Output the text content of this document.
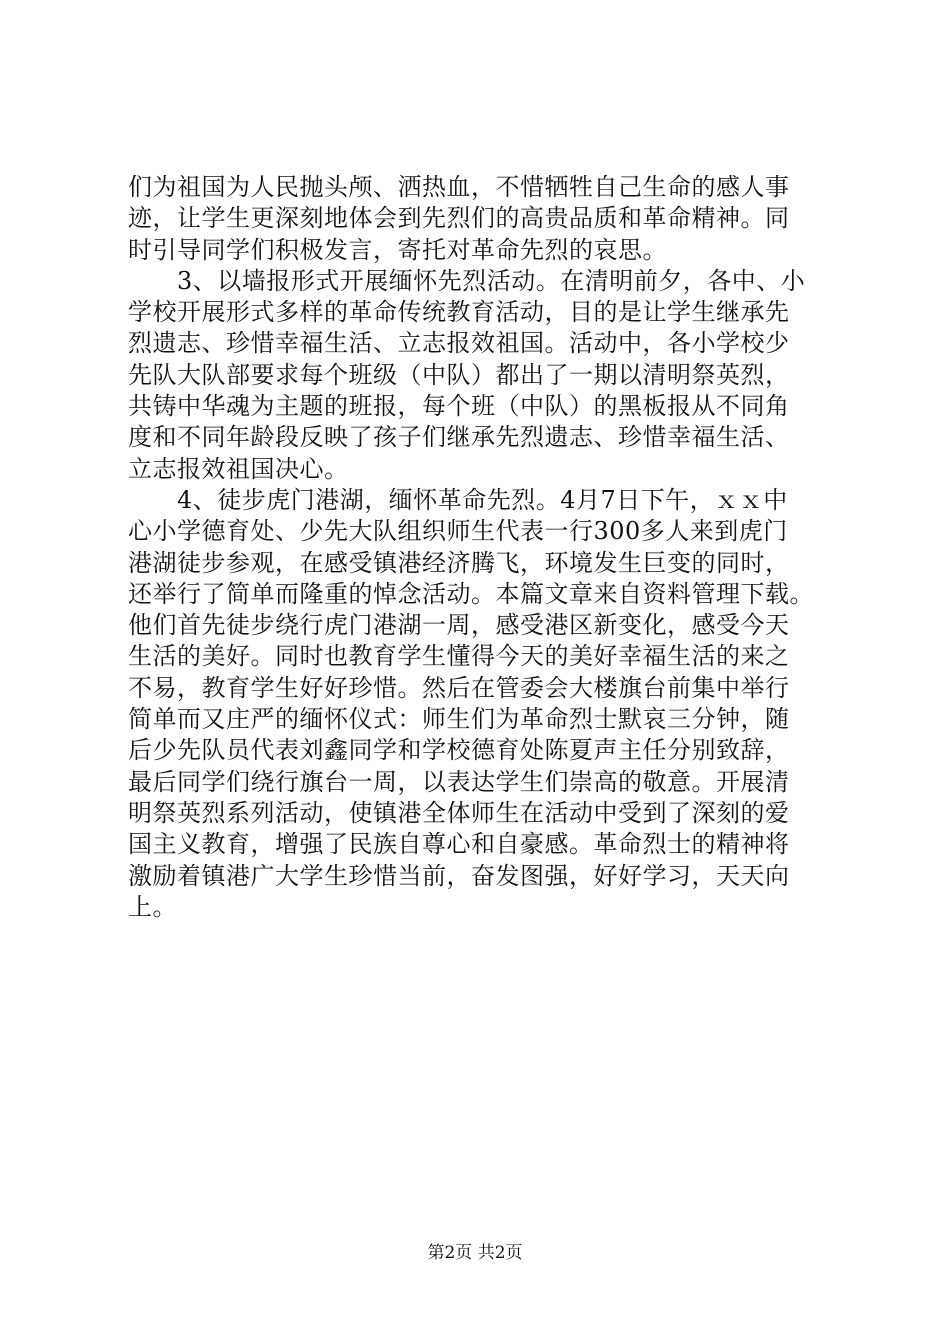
们为祖国为人民抛头颅、洒热血，不惜牺牲自己生命的感人事
迹，让学生更深刻地体会到先烈们的高贵品质和革命精神。同
时引导同学们积极发言，寄托对革命先烈的哀思。
　　3、以墙报形式开展缅怀先烈活动。在清明前夕，各中、小
学校开展形式多样的革命传统教育活动，目的是让学生继承先
烈遗志、珍惜幸福生活、立志报效祖国。活动中，各小学校少
先队大队部要求每个班级（中队）都出了一期以清明祭英烈，
共铸中华魂为主题的班报，每个班（中队）的黑板报从不同角
度和不同年龄段反映了孩子们继承先烈遗志、珍惜幸福生活、
立志报效祖国决心。
　　4、徒步虎门港湖，缅怀革命先烈。4月7日下午，ｘｘ中
心小学德育处、少先大队组织师生代表一行300多人来到虎门
港湖徒步参观，在感受镇港经济腾飞，环境发生巨变的同时，
还举行了简单而隆重的悼念活动。本篇文章来自资料管理下载。
他们首先徒步绕行虎门港湖一周，感受港区新变化，感受今天
生活的美好。同时也教育学生懂得今天的美好幸福生活的来之
不易，教育学生好好珍惜。然后在管委会大楼旗台前集中举行
简单而又庄严的缅怀仪式：师生们为革命烈士默哀三分钟，随
后少先队员代表刘鑫同学和学校德育处陈夏声主任分别致辞，
最后同学们绕行旗台一周，以表达学生们崇高的敬意。开展清
明祭英烈系列活动，使镇港全体师生在活动中受到了深刻的爱
国主义教育，增强了民族自尊心和自豪感。革命烈士的精神将
激励着镇港广大学生珍惜当前，奋发图强，好好学习，天天向
上。
第2页 共2页
